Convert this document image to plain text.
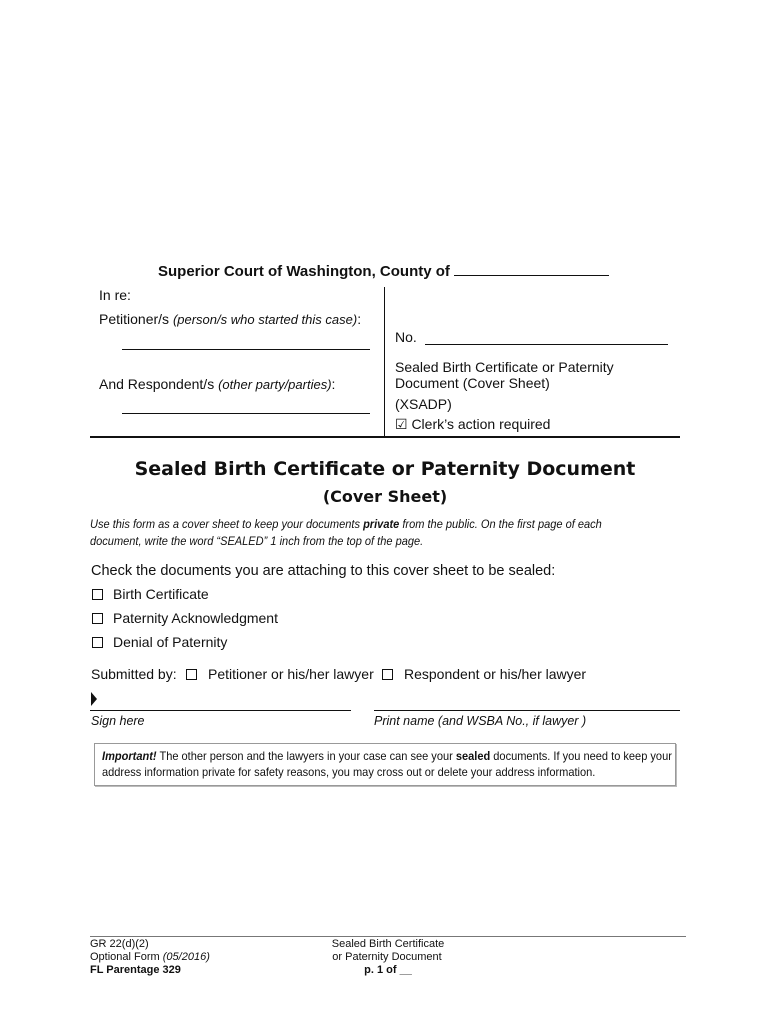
Superior Court of Washington, County of
In re:
Petitioner/s (person/s who started this case):
And Respondent/s (other party/parties):
No.
Sealed Birth Certificate or Paternity
Document (Cover Sheet)
(XSADP)
☑ Clerk’s action required
Sealed Birth Certificate or Paternity Document
(Cover Sheet)
Use this form as a cover sheet to keep your documents private from the public. On the first page of each document, write the word “SEALED” 1 inch from the top of the page.
Check the documents you are attaching to this cover sheet to be sealed:
Birth Certificate
Paternity Acknowledgment
Denial of Paternity
Submitted by: Petitioner or his/her lawyer Respondent or his/her lawyer
Sign here	Print name (and WSBA No., if lawyer )
Important! The other person and the lawyers in your case can see your sealed documents. If you need to keep your address information private for safety reasons, you may cross out or delete your address information.
GR 22(d)(2)
Optional Form (05/2016)
FL Parentage 329
Sealed Birth Certificate
or Paternity Document
p. 1 of __
